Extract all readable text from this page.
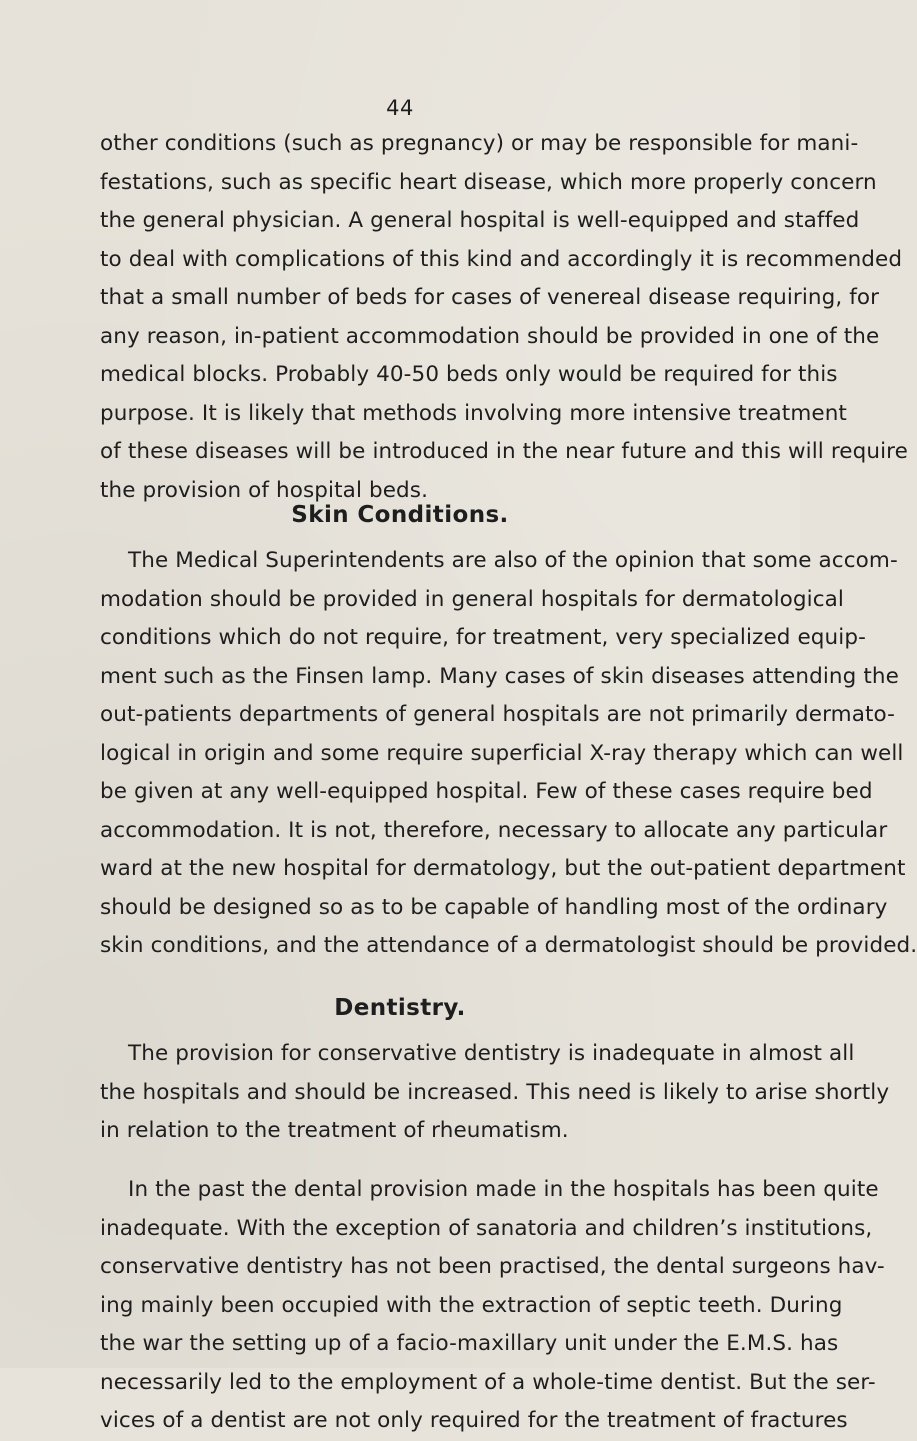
44
other conditions (such as pregnancy) or may be responsible for mani-
festations, such as specific heart disease, which more properly concern
the general physician. A general hospital is well-equipped and staffed
to deal with complications of this kind and accordingly it is recommended
that a small number of beds for cases of venereal disease requiring, for
any reason, in-patient accommodation should be provided in one of the
medical blocks. Probably 40-50 beds only would be required for this
purpose. It is likely that methods involving more intensive treatment
of these diseases will be introduced in the near future and this will require
the provision of hospital beds.
Skin Conditions.
The Medical Superintendents are also of the opinion that some accom-
modation should be provided in general hospitals for dermatological
conditions which do not require, for treatment, very specialized equip-
ment such as the Finsen lamp. Many cases of skin diseases attending the
out-patients departments of general hospitals are not primarily dermato-
logical in origin and some require superficial X-ray therapy which can well
be given at any well-equipped hospital. Few of these cases require bed
accommodation. It is not, therefore, necessary to allocate any particular
ward at the new hospital for dermatology, but the out-patient department
should be designed so as to be capable of handling most of the ordinary
skin conditions, and the attendance of a dermatologist should be provided.
Dentistry.
The provision for conservative dentistry is inadequate in almost all
the hospitals and should be increased. This need is likely to arise shortly
in relation to the treatment of rheumatism.
In the past the dental provision made in the hospitals has been quite
inadequate. With the exception of sanatoria and children’s institutions,
conservative dentistry has not been practised, the dental surgeons hav-
ing mainly been occupied with the extraction of septic teeth. During
the war the setting up of a facio-maxillary unit under the E.M.S. has
necessarily led to the employment of a whole-time dentist. But the ser-
vices of a dentist are not only required for the treatment of fractures
